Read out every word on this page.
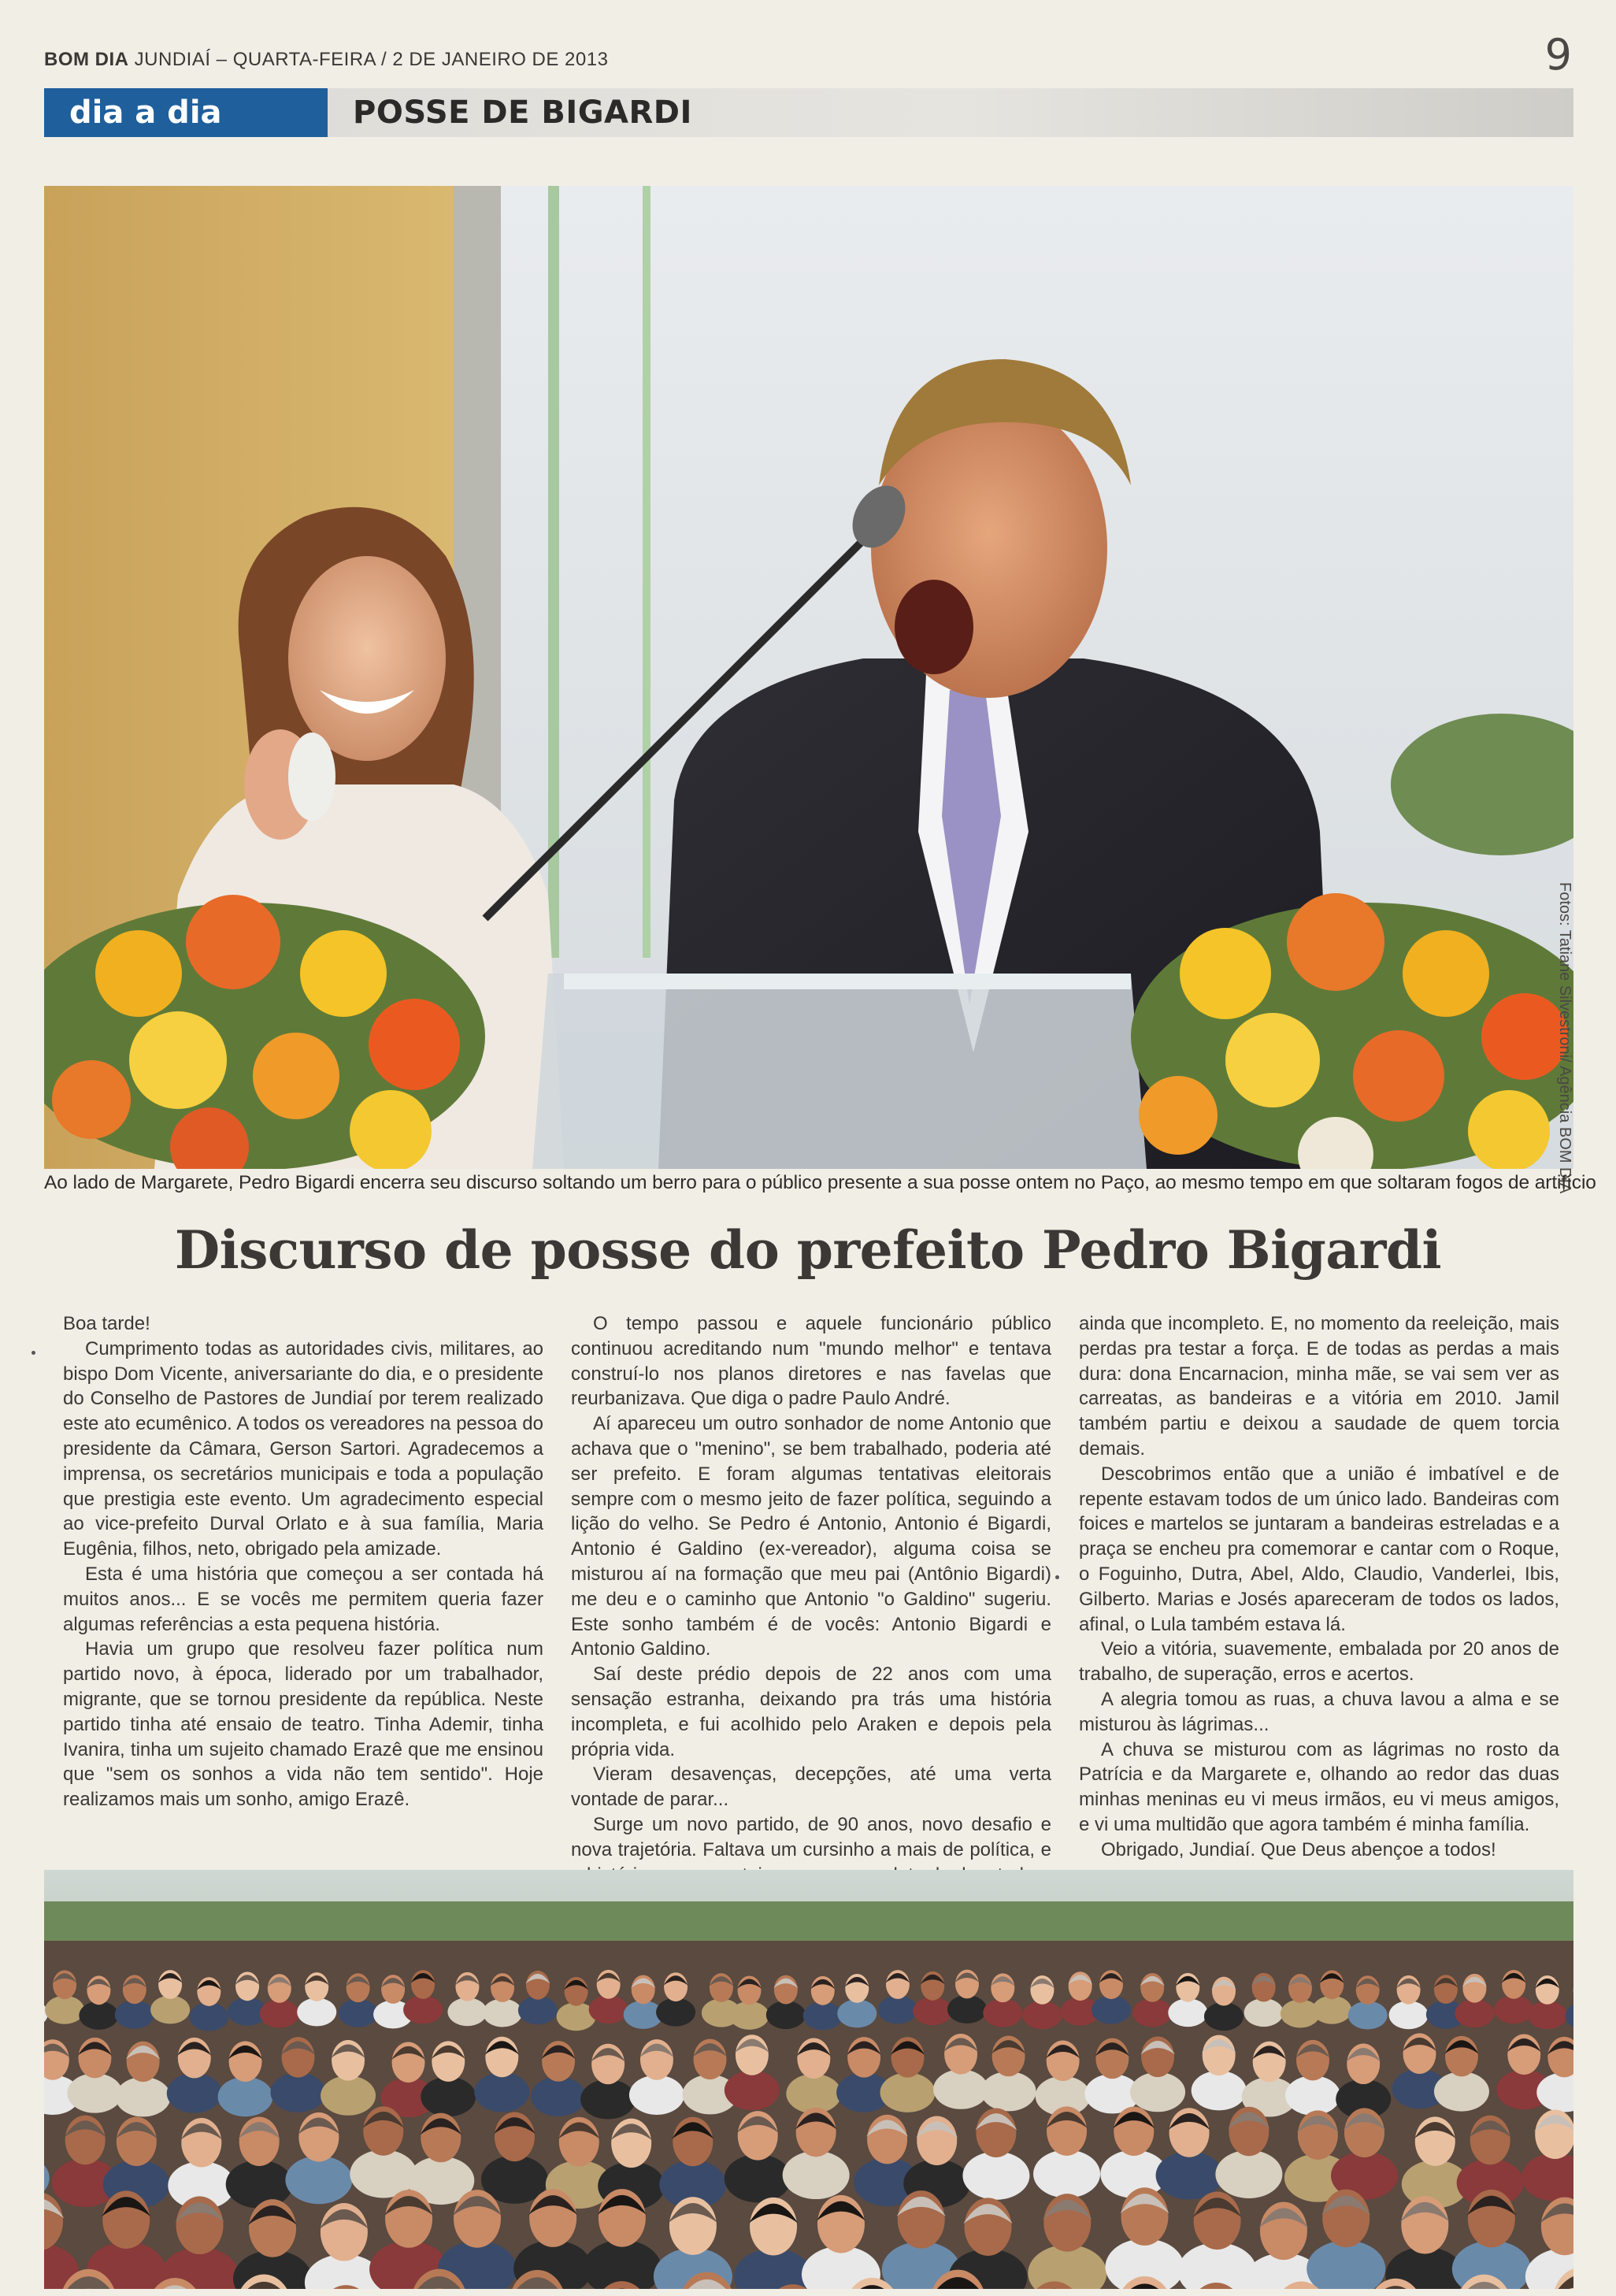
BOM DIA JUNDIAÍ – QUARTA-FEIRA / 2 DE JANEIRO DE 2013	9
dia a dia	POSSE DE BIGARDI
Fotos: Tatiane Silvestroni/ Agência BOM DIA
Ao lado de Margarete, Pedro Bigardi encerra seu discurso soltando um berro para o público presente a sua posse ontem no Paço, ao mesmo tempo em que soltaram fogos de artifício
Discurso de posse do prefeito Pedro Bigardi

Boa tarde!

Cumprimento todas as autoridades civis, militares, ao bispo Dom Vicente, aniversariante do dia, e o presidente do Conselho de Pastores de Jundiaí por terem realizado este ato ecumênico. A todos os vereadores na pessoa do presidente da Câmara, Gerson Sartori. Agradecemos a imprensa, os secretários municipais e toda a população que prestigia este evento. Um agradecimento especial ao vice-prefeito Durval Orlato e à sua família, Maria Eugênia, filhos, neto, obrigado pela amizade.

Esta é uma história que começou a ser contada há muitos anos... E se vocês me permitem queria fazer algumas referências a esta pequena história.

Havia um grupo que resolveu fazer política num partido novo, à época, liderado por um trabalhador, migrante, que se tornou presidente da república. Neste partido tinha até ensaio de teatro. Tinha Ademir, tinha Ivanira, tinha um sujeito chamado Erazê que me ensinou que "sem os sonhos a vida não tem sentido". Hoje realizamos mais um sonho, amigo Erazê.

O tempo passou e aquele funcionário público continuou acreditando num "mundo melhor" e tentava construí-lo nos planos diretores e nas favelas que reurbanizava. Que diga o padre Paulo André.

Aí apareceu um outro sonhador de nome Antonio que achava que o "menino", se bem trabalhado, poderia até ser prefeito. E foram algumas tentativas eleitorais sempre com o mesmo jeito de fazer política, seguindo a lição do velho. Se Pedro é Antonio, Antonio é Bigardi, Antonio é Galdino (ex-vereador), alguma coisa se misturou aí na formação que meu pai (Antônio Bigardi) me deu e o caminho que Antonio "o Galdino" sugeriu. Este sonho também é de vocês: Antonio Bigardi e Antonio Galdino.

Saí deste prédio depois de 22 anos com uma sensação estranha, deixando pra trás uma história incompleta, e fui acolhido pelo Araken e depois pela própria vida.

Vieram desavenças, decepções, até uma verta vontade de parar...

Surge um novo partido, de 90 anos, novo desafio e nova trajetória. Faltava um cursinho a mais de política, e

ainda que incompleto. E, no momento da reeleição, mais perdas pra testar a força. E de todas as perdas a mais dura: dona Encarnacion, minha mãe, se vai sem ver as carreatas, as bandeiras e a vitória em 2010. Jamil também partiu e deixou a saudade de quem torcia demais.

Descobrimos então que a união é imbatível e de repente estavam todos de um único lado. Bandeiras com foices e martelos se juntaram a bandeiras estreladas e a praça se encheu pra comemorar e cantar com o Roque, o Foguinho, Dutra, Abel, Aldo, Claudio, Vanderlei, Ibis, Gilberto. Marias e Josés apareceram de todos os lados, afinal, o Lula também estava lá.

Veio a vitória, suavemente, embalada por 20 anos de trabalho, de superação, erros e acertos.

A alegria tomou as ruas, a chuva lavou a alma e se misturou às lágrimas...

A chuva se misturou com as lágrimas no rosto da Patrícia e da Margarete e, olhando ao redor das duas minhas meninas eu vi meus irmãos, eu vi meus amigos, e vi uma multidão que agora também é minha família.

Obrigado, Jundiaí. Que Deus abençoe a todos!
